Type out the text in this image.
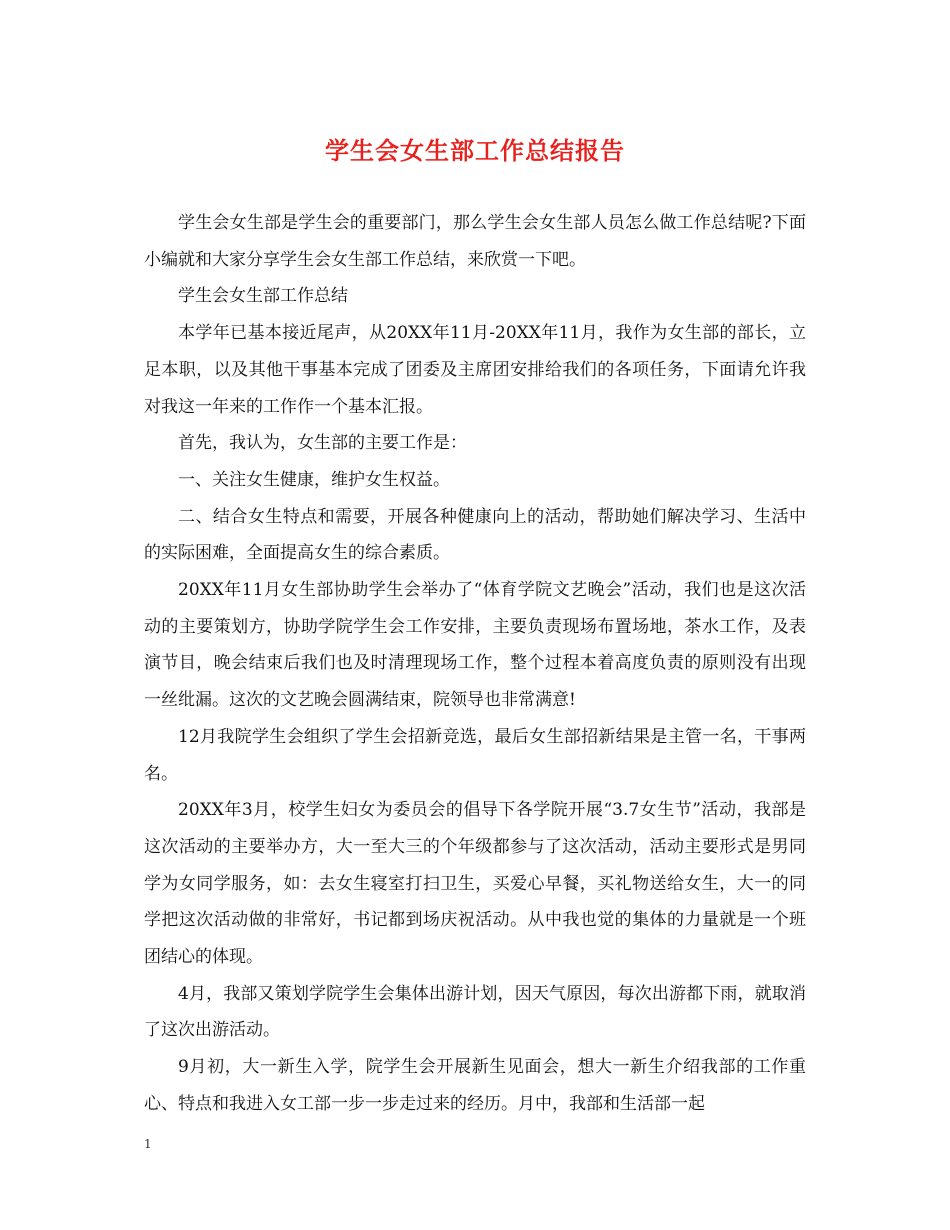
学生会女生部工作总结报告

学生会女生部是学生会的重要部门，那么学生会女生部人员怎么做工作总结呢?下面小编就和大家分享学生会女生部工作总结，来欣赏一下吧。

学生会女生部工作总结

本学年已基本接近尾声，从20XX年11月-20XX年11月，我作为女生部的部长，立足本职，以及其他干事基本完成了团委及主席团安排给我们的各项任务，下面请允许我对我这一年来的工作作一个基本汇报。

首先，我认为，女生部的主要工作是：

一、关注女生健康，维护女生权益。

二、结合女生特点和需要，开展各种健康向上的活动，帮助她们解决学习、生活中的实际困难，全面提高女生的综合素质。

20XX年11月女生部协助学生会举办了“体育学院文艺晚会”活动，我们也是这次活动的主要策划方，协助学院学生会工作安排，主要负责现场布置场地，茶水工作，及表演节目，晚会结束后我们也及时清理现场工作，整个过程本着高度负责的原则没有出现一丝纰漏。这次的文艺晚会圆满结束，院领导也非常满意!

12月我院学生会组织了学生会招新竞选，最后女生部招新结果是主管一名，干事两名。

20XX年3月，校学生妇女为委员会的倡导下各学院开展“3.7女生节”活动，我部是这次活动的主要举办方，大一至大三的个年级都参与了这次活动，活动主要形式是男同学为女同学服务，如：去女生寝室打扫卫生，买爱心早餐，买礼物送给女生，大一的同学把这次活动做的非常好，书记都到场庆祝活动。从中我也觉的集体的力量就是一个班团结心的体现。

4月，我部又策划学院学生会集体出游计划，因天气原因，每次出游都下雨，就取消了这次出游活动。

9月初，大一新生入学，院学生会开展新生见面会，想大一新生介绍我部的工作重心、特点和我进入女工部一步一步走过来的经历。月中，我部和生活部一起

1
